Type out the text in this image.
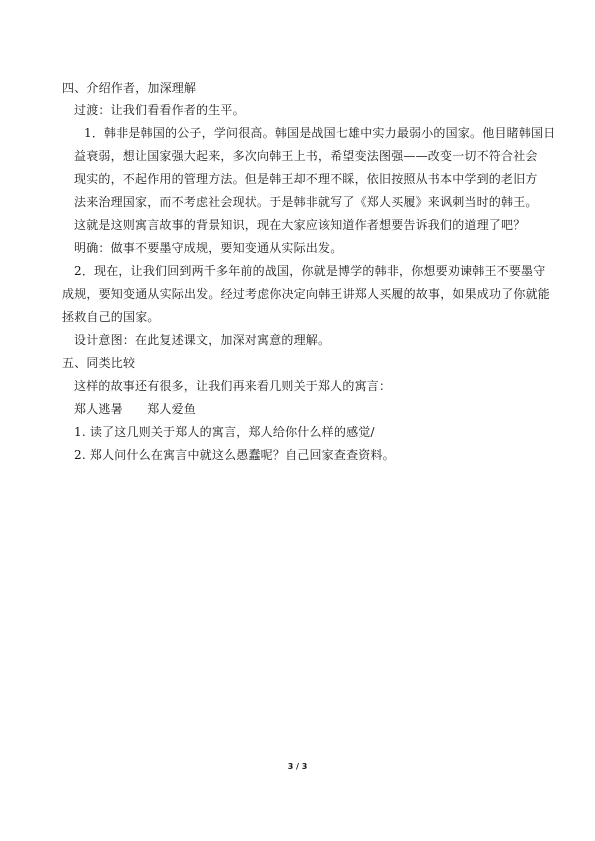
四、介绍作者，加深理解
过渡：让我们看看作者的生平。
1．韩非是韩国的公子，学问很高。韩国是战国七雄中实力最弱小的国家。他目睹韩国日
益衰弱，想让国家强大起来，多次向韩王上书，希望变法图强——改变一切不符合社会
现实的，不起作用的管理方法。但是韩王却不理不睬，依旧按照从书本中学到的老旧方
法来治理国家，而不考虑社会现状。于是韩非就写了《郑人买履》来讽刺当时的韩王。
这就是这则寓言故事的背景知识，现在大家应该知道作者想要告诉我们的道理了吧？
明确：做事不要墨守成规，要知变通从实际出发。
2．现在，让我们回到两千多年前的战国，你就是博学的韩非，你想要劝谏韩王不要墨守
成规，要知变通从实际出发。经过考虑你决定向韩王讲郑人买履的故事，如果成功了你就能
拯救自己的国家。
设计意图：在此复述课文，加深对寓意的理解。
五、同类比较
这样的故事还有很多，让我们再来看几则关于郑人的寓言：
郑人逃暑　　郑人爱鱼
1. 读了这几则关于郑人的寓言，郑人给你什么样的感觉/
2. 郑人问什么在寓言中就这么愚蠢呢？自己回家查查资料。
3 / 3
